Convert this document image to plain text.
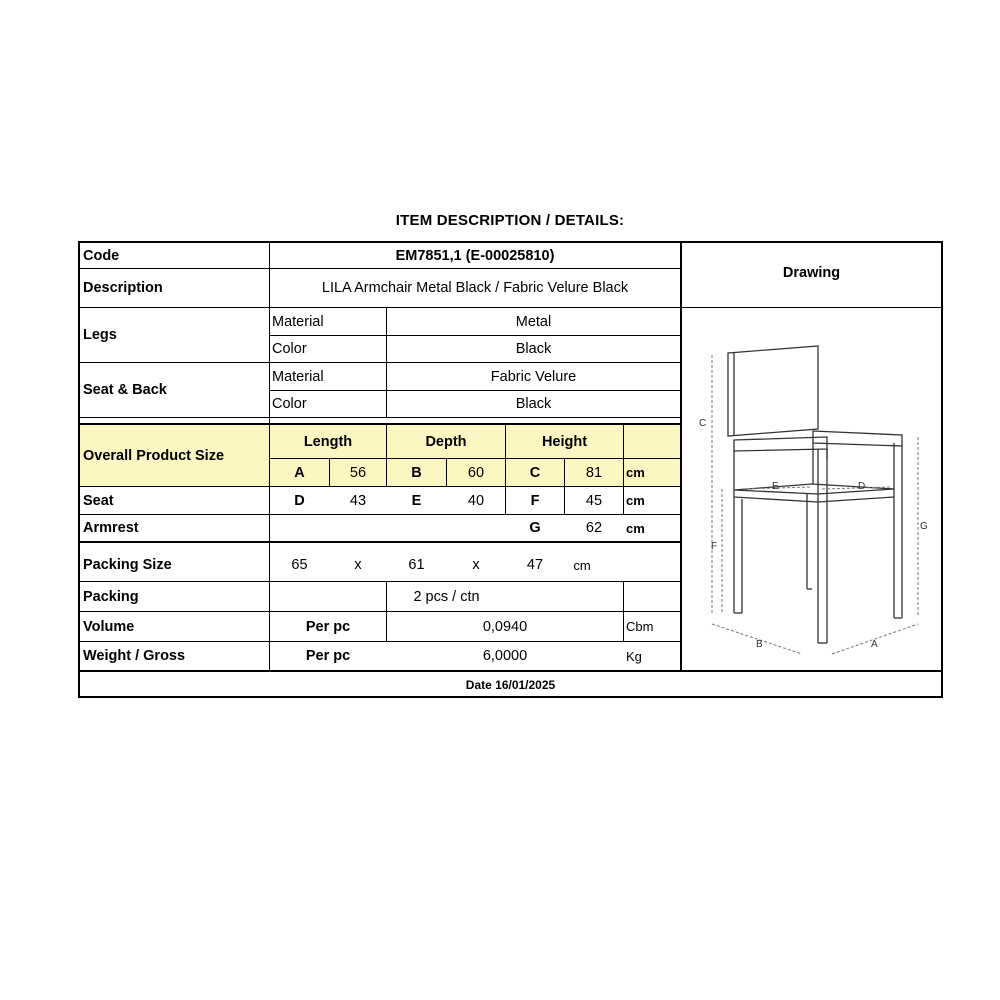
ITEM DESCRIPTION / DETAILS:
Code	EM7851,1 (E-00025810)
Description	LILA Armchair Metal Black / Fabric Velure Black
Drawing
Legs
Material	Metal
Color	Black
Seat & Back
Material	Fabric Velure
Color	Black
Overall Product Size
Length	Depth	Height
A	56	B	60	C	81	cm
Seat	D	43	E	40	F	45	cm
Armrest	G	62	cm
Packing Size	65	x	61	x	47	cm
Packing	2 pcs / ctn
Volume	Per pc	0,0940	Cbm
Weight / Gross	Per pc	6,0000	Kg
Date 16/01/2025
C
F
G
E	D
B	A
